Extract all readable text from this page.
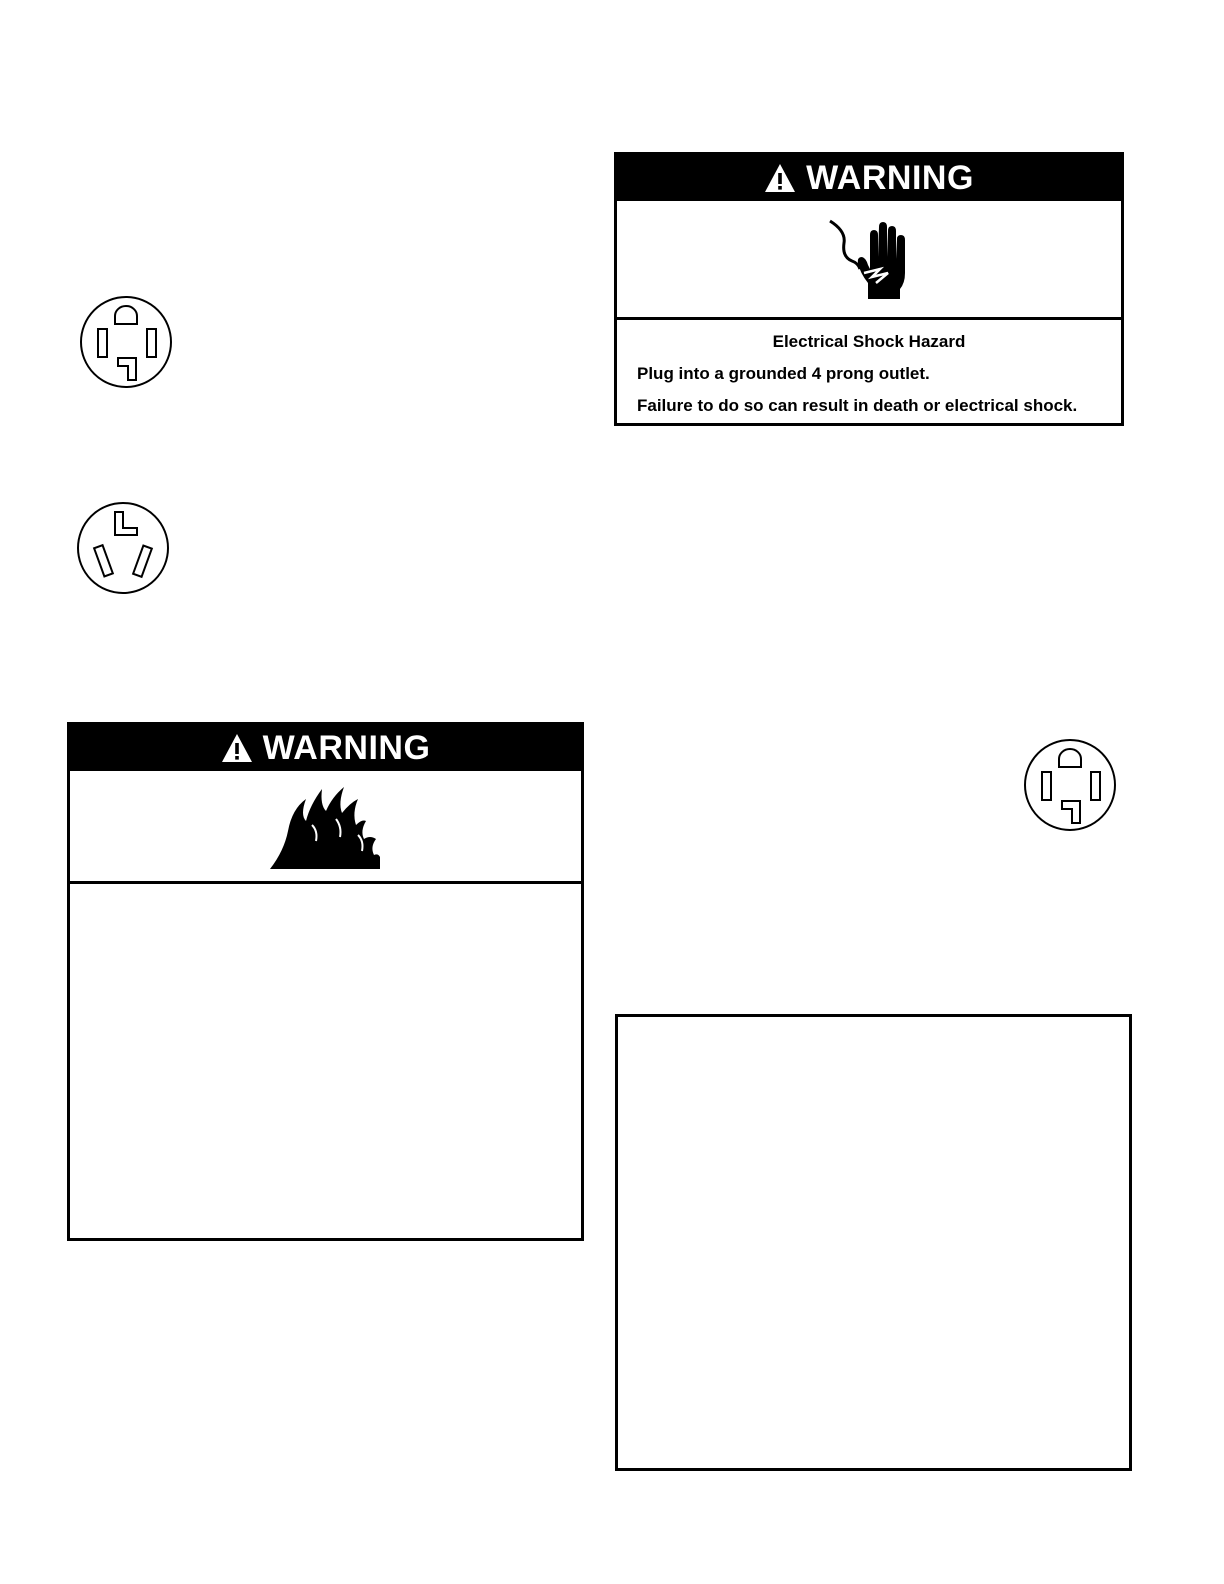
WARNING
Electrical Shock Hazard
Plug into a grounded 4 prong outlet.
Failure to do so can result in death or electrical shock.
WARNING
